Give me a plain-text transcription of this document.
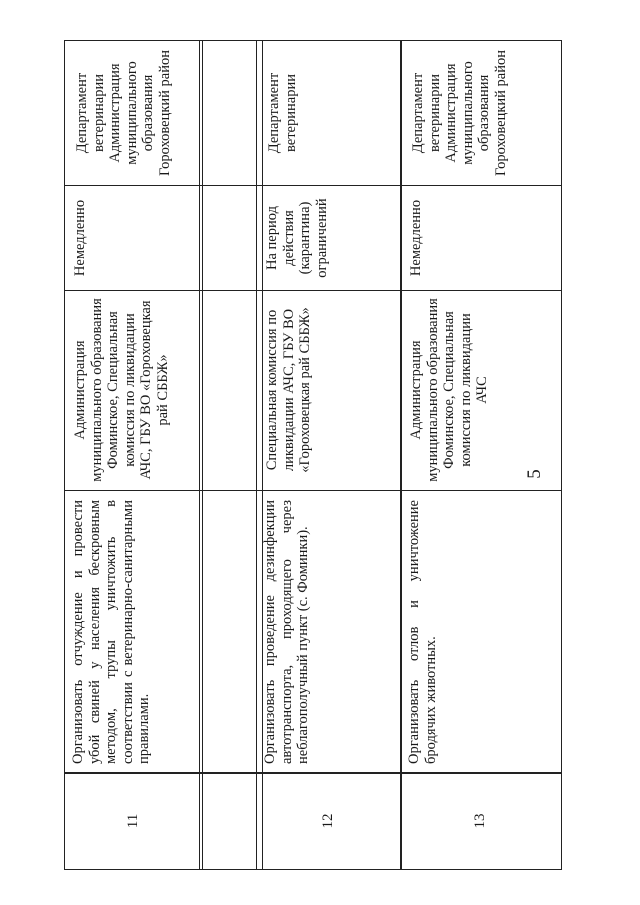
5
11
Организовать отчуждение и провести убой свиней у населения бескровным методом, трупы уничтожить в соответствии с ветеринарно-санитарными правилами.
Администрация муниципального образования Фоминское, Специальная комиссия по ликвидации АЧС, ГБУ ВО «Гороховецкая рай СББЖ»
Немедленно
Департамент ветеринарии Администрация муниципального образования Гороховецкий район
12
Организовать проведение дезинфекции автотранспорта, проходящего через неблагополучный пункт (с. Фоминки).
Специальная комиссия по ликвидации АЧС, ГБУ ВО «Гороховецкая рай СББЖ»
На период действия (карантина) ограничений
Департамент ветеринарии
13
Организовать отлов и уничтожение бродячих животных.
Администрация муниципального образования Фоминское, Специальная комиссия по ликвидации АЧС
Немедленно
Департамент ветеринарии Администрация муниципального образования Гороховецкий район
